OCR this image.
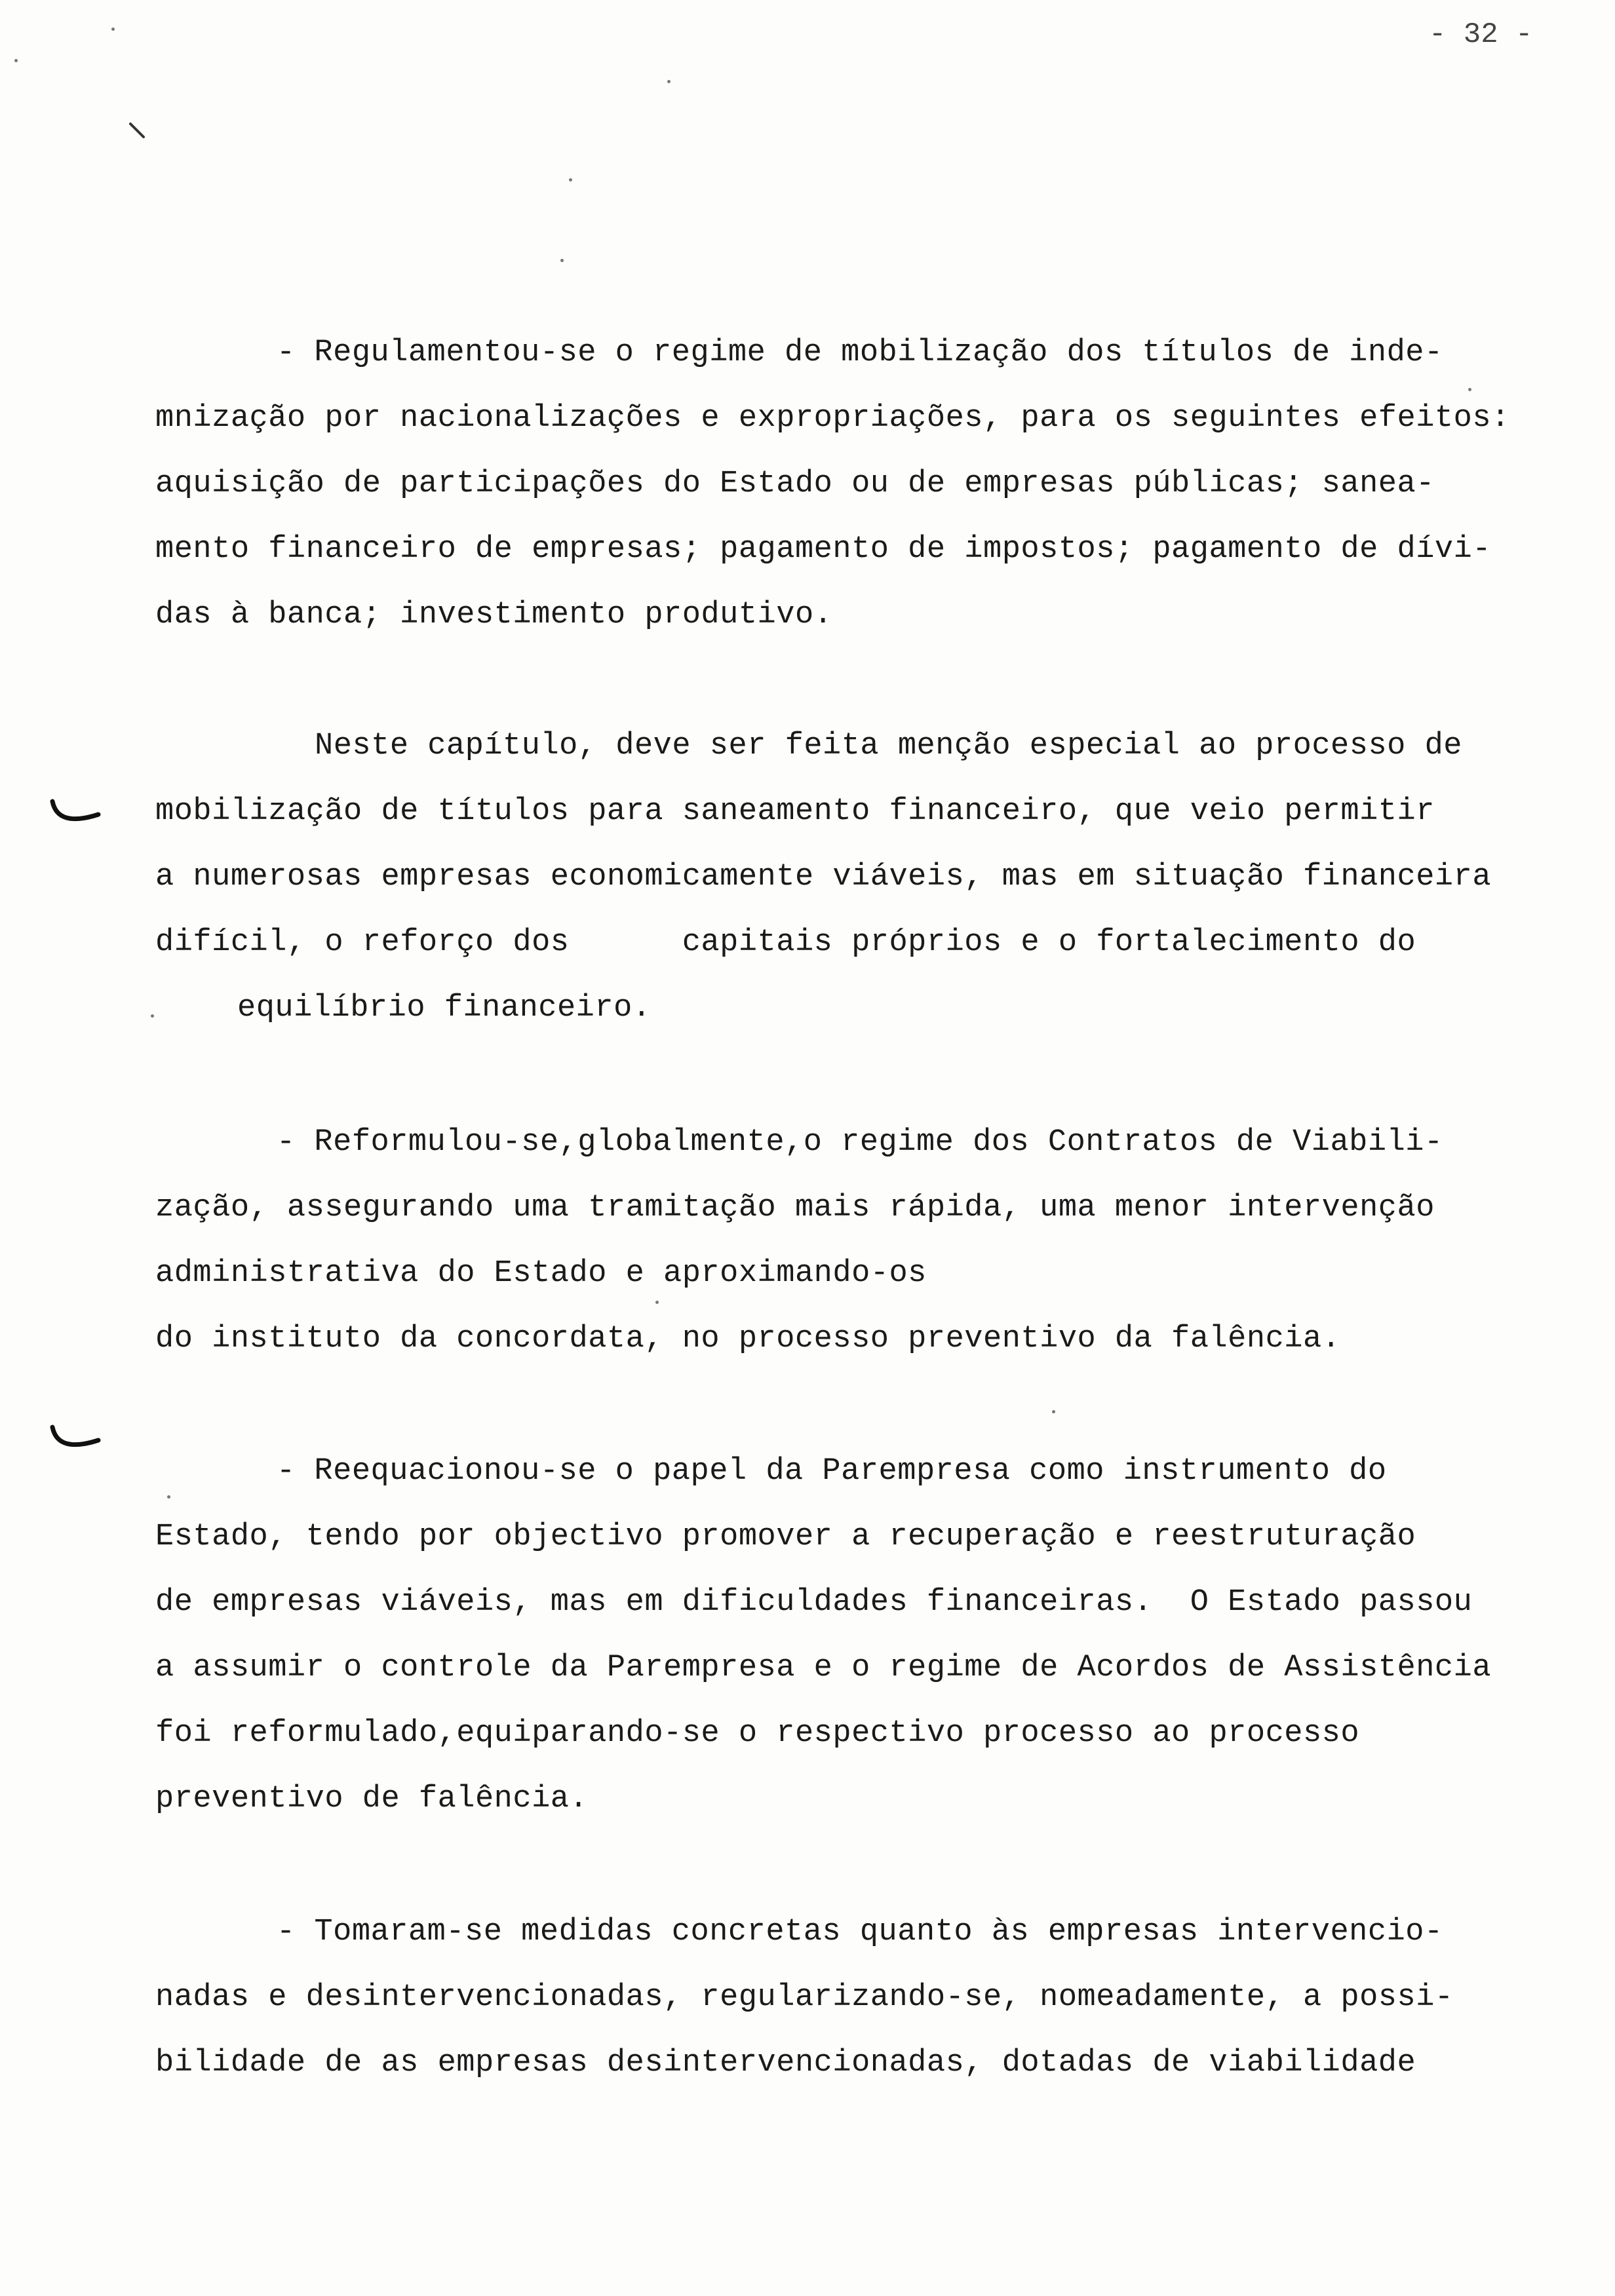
- 32 -
- Regulamentou-se o regime de mobilização dos títulos de inde-
mnização por nacionalizações e expropriações, para os seguintes efeitos:
aquisição de participações do Estado ou de empresas públicas; sanea-
mento financeiro de empresas; pagamento de impostos; pagamento de dívi-
das à banca; investimento produtivo.
Neste capítulo, deve ser feita menção especial ao processo de
mobilização de títulos para saneamento financeiro, que veio permitir
a numerosas empresas economicamente viáveis, mas em situação financeira
difícil, o reforço dos      capitais próprios e o fortalecimento do
equilíbrio financeiro.
- Reformulou-se,globalmente,o regime dos Contratos de Viabili-
zação, assegurando uma tramitação mais rápida, uma menor intervenção
administrativa do Estado e aproximando-os
do instituto da concordata, no processo preventivo da falência.
- Reequacionou-se o papel da Parempresa como instrumento do
Estado, tendo por objectivo promover a recuperação e reestruturação
de empresas viáveis, mas em dificuldades financeiras.  O Estado passou
a assumir o controle da Parempresa e o regime de Acordos de Assistência
foi reformulado,equiparando-se o respectivo processo ao processo
preventivo de falência.
- Tomaram-se medidas concretas quanto às empresas intervencio-
nadas e desintervencionadas, regularizando-se, nomeadamente, a possi-
bilidade de as empresas desintervencionadas, dotadas de viabilidade
